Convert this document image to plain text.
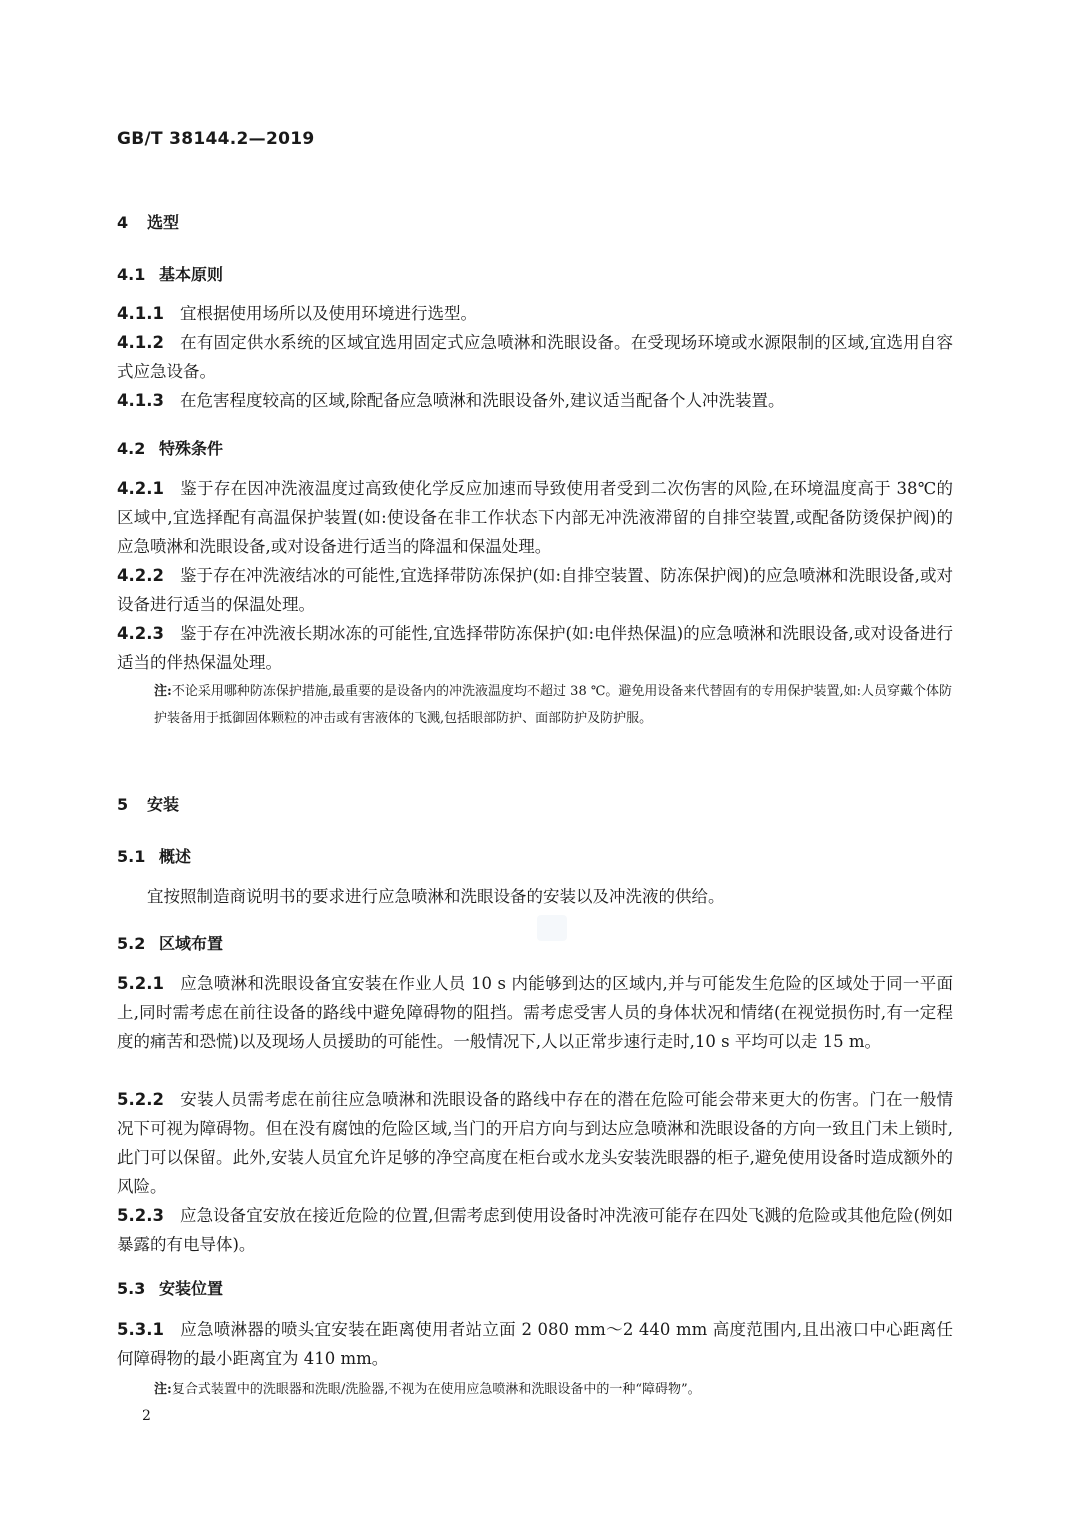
GB/T 38144.2—2019
4 选型
4.1 基本原则
4.1.1 宜根据使用场所以及使用环境进行选型。
4.1.2 在有固定供水系统的区域宜选用固定式应急喷淋和洗眼设备。在受现场环境或水源限制的区域,宜选用自容式应急设备。
4.1.3 在危害程度较高的区域,除配备应急喷淋和洗眼设备外,建议适当配备个人冲洗装置。
4.2 特殊条件
4.2.1 鉴于存在因冲洗液温度过高致使化学反应加速而导致使用者受到二次伤害的风险,在环境温度高于 38℃的区域中,宜选择配有高温保护装置(如:使设备在非工作状态下内部无冲洗液滞留的自排空装置,或配备防烫保护阀)的应急喷淋和洗眼设备,或对设备进行适当的降温和保温处理。
4.2.2 鉴于存在冲洗液结冰的可能性,宜选择带防冻保护(如:自排空装置、防冻保护阀)的应急喷淋和洗眼设备,或对设备进行适当的保温处理。
4.2.3 鉴于存在冲洗液长期冰冻的可能性,宜选择带防冻保护(如:电伴热保温)的应急喷淋和洗眼设备,或对设备进行适当的伴热保温处理。
注:不论采用哪种防冻保护措施,最重要的是设备内的冲洗液温度均不超过 38 ℃。避免用设备来代替固有的专用保护装置,如:人员穿戴个体防护装备用于抵御固体颗粒的冲击或有害液体的飞溅,包括眼部防护、面部防护及防护服。
5 安装
5.1 概述
宜按照制造商说明书的要求进行应急喷淋和洗眼设备的安装以及冲洗液的供给。
5.2 区域布置
5.2.1 应急喷淋和洗眼设备宜安装在作业人员 10 s 内能够到达的区域内,并与可能发生危险的区域处于同一平面上,同时需考虑在前往设备的路线中避免障碍物的阻挡。需考虑受害人员的身体状况和情绪(在视觉损伤时,有一定程度的痛苦和恐慌)以及现场人员援助的可能性。一般情况下,人以正常步速行走时,10 s 平均可以走 15 m。
5.2.2 安装人员需考虑在前往应急喷淋和洗眼设备的路线中存在的潜在危险可能会带来更大的伤害。门在一般情况下可视为障碍物。但在没有腐蚀的危险区域,当门的开启方向与到达应急喷淋和洗眼设备的方向一致且门未上锁时,此门可以保留。此外,安装人员宜允许足够的净空高度在柜台或水龙头安装洗眼器的柜子,避免使用设备时造成额外的风险。
5.2.3 应急设备宜安放在接近危险的位置,但需考虑到使用设备时冲洗液可能存在四处飞溅的危险或其他危险(例如暴露的有电导体)。
5.3 安装位置
5.3.1 应急喷淋器的喷头宜安装在距离使用者站立面 2 080 mm～2 440 mm 高度范围内,且出液口中心距离任何障碍物的最小距离宜为 410 mm。
注:复合式装置中的洗眼器和洗眼/洗脸器,不视为在使用应急喷淋和洗眼设备中的一种“障碍物”。
2
